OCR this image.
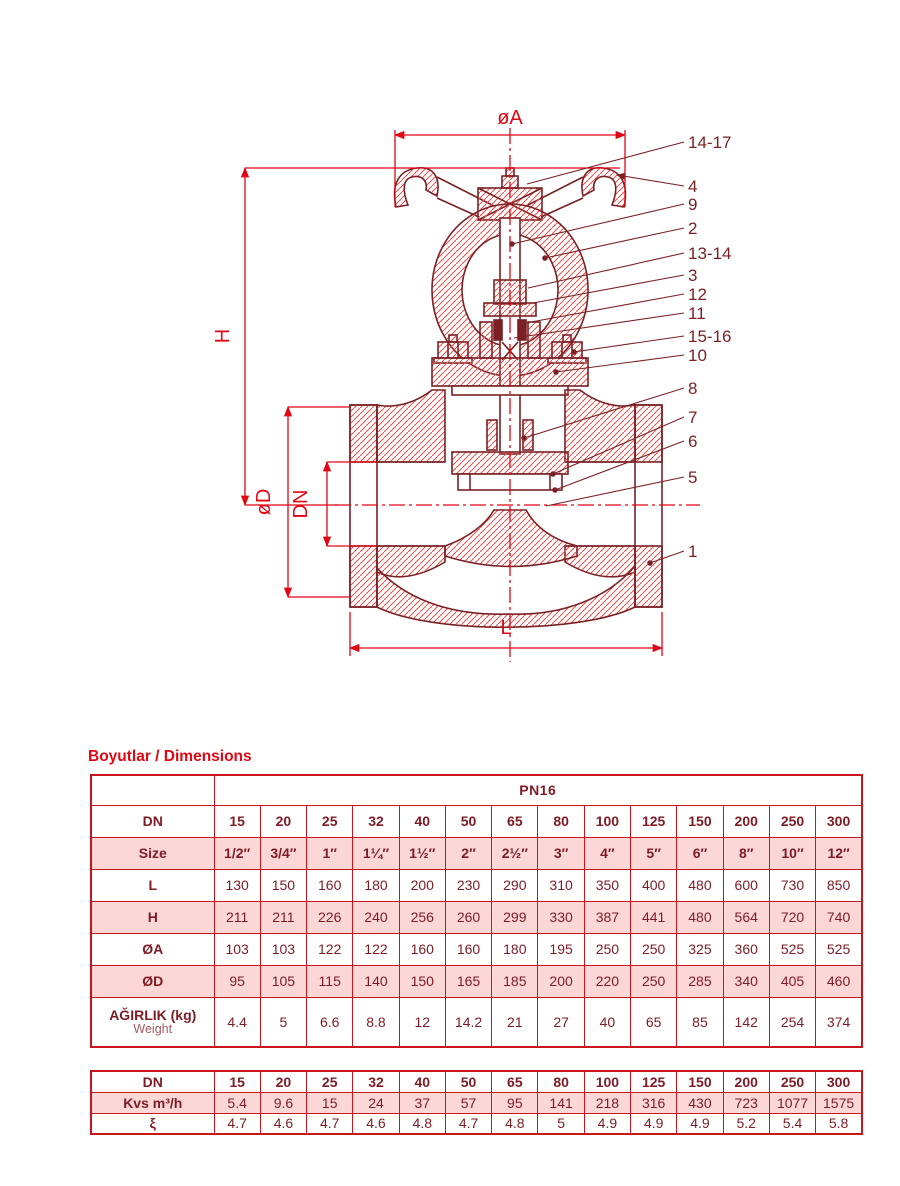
øA
H
øD DN
L
14-17
4
9
2
13-14
3
12
11
15-16
10
8
7
6
5
1
Boyutlar / Dimensions
	PN16													

DN	15	20	25	32	40	50	65	80	100	125	150	200	250	300

Size	1/2″	3/4″	1″	1¼″	1½″	2″	2½″	3″	4″	5″	6″	8″	10″	12″

L	130	150	160	180	200	230	290	310	350	400	480	600	730	850

H	211	211	226	240	256	260	299	330	387	441	480	564	720	740

ØA	103	103	122	122	160	160	180	195	250	250	325	360	525	525

ØD	95	105	115	140	150	165	185	200	220	250	285	340	405	460

AĞIRLIK (kg)
Weight	4.4	5	6.6	8.8	12	14.2	21	27	40	65	85	142	254	374
DN	15	20	25	32	40	50	65	80	100	125	150	200	250	300

Kvs m³/h	5.4	9.6	15	24	37	57	95	141	218	316	430	723	1077	1575

ξ	4.7	4.6	4.7	4.6	4.8	4.7	4.8	5	4.9	4.9	4.9	5.2	5.4	5.8
